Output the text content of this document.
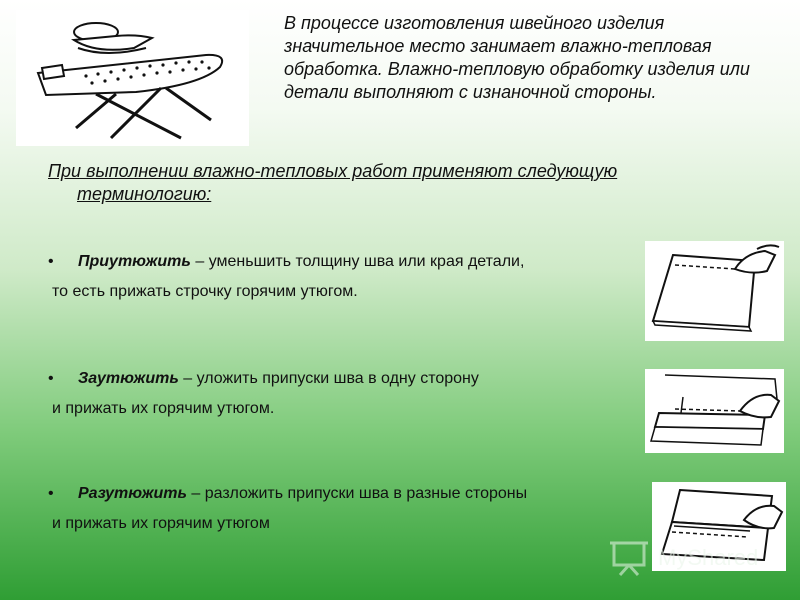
В процессе изготовления швейного изделия значительное место занимает влажно-тепловая обработка. Влажно-тепловую обработку изделия или детали выполняют с изнаночной стороны.

При выполнении влажно-тепловых работ применяют следующую
терминологию:

• Приутюжить – уменьшить толщину шва или края детали,
то есть прижать строчку горячим утюгом.
• Заутюжить – уложить припуски шва в одну сторону
и прижать их горячим утюгом.
• Разутюжить – разложить припуски шва в разные стороны
и прижать их горячим утюгом
MyShared
